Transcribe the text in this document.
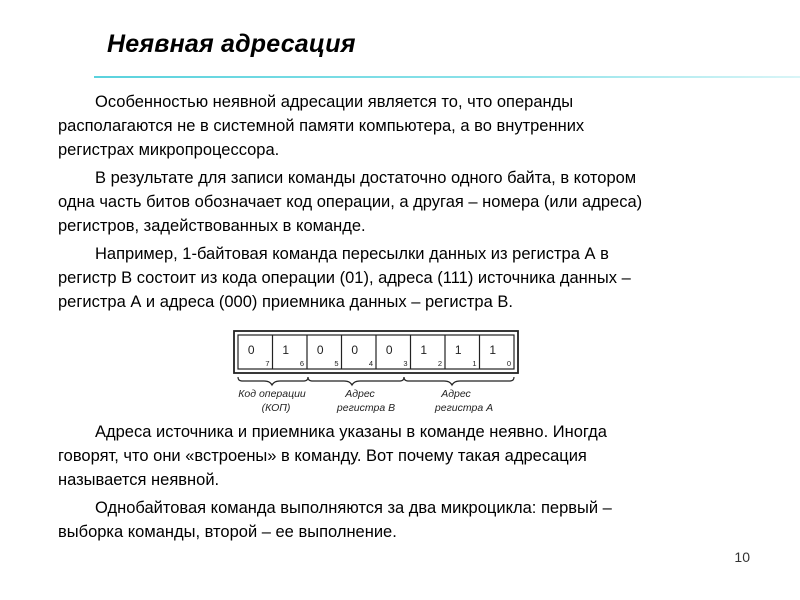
Неявная адресация

Особенностью неявной адресации является то, что операнды
располагаются не в системной памяти компьютера, а во внутренних
регистрах микропроцессора.

В результате для записи команды достаточно одного байта, в котором
одна часть битов обозначает код операции, а другая – номера (или адреса)
регистров, задействованных в команде.

Например, 1-байтовая команда пересылки данных из регистра А в
регистр В состоит из кода операции (01), адреса (111) источника данных –
регистра А и адреса (000) приемника данных – регистра В.

0
7
1
6
0
5
0
4
0
3
1
2
1
1
1
0
Код операции
(КОП)
Адрес
регистра В
Адрес
регистра А

Адреса источника и приемника указаны в команде неявно. Иногда
говорят, что они «встроены» в команду. Вот почему такая адресация
называется неявной.

Однобайтовая команда выполняются за два микроцикла: первый –
выборка команды, второй – ее выполнение.

10
